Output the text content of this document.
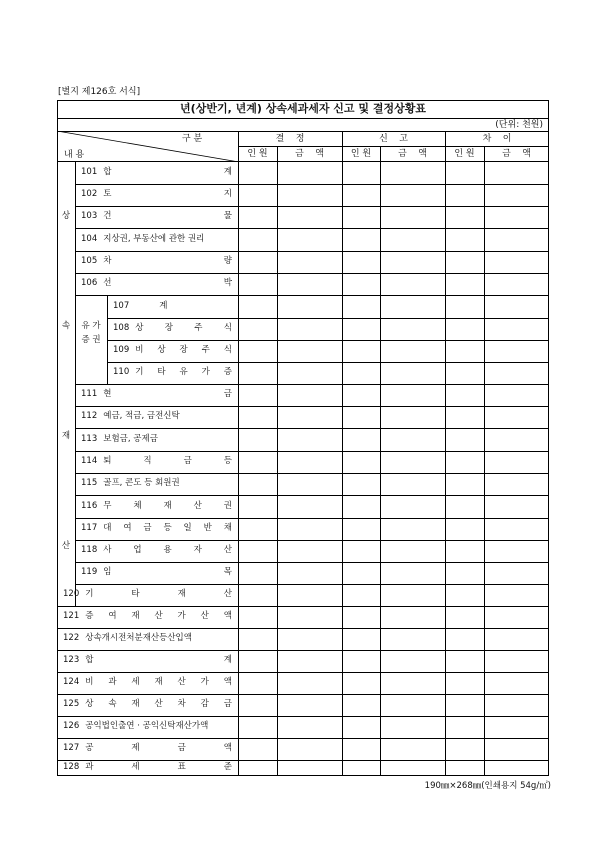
[별지 제126호 서식]
년(상반기, 년계) 상속세과세자 신고 및 결정상황표
(단위: 천원)
구 분
내 용
결    정	신    고	차    이
인 원	금    액	인 원	금    액	인 원	금    액
101 합	계
102 토	지
103 건	물
104 지상권, 부동산에 관한 권리
105 차	량
106 선	박
107	계
108 상	장	주	식
109 비 상 장 주 식
110 기 타 유 가 증
111 현	금
112 예금, 적금, 금전신탁
113 보험금, 공제금
114 퇴	직	금	등
115 골프, 콘도 등 회원권
116 무	체	재	산	권
117 대 여 금 등 일 반 채
118 사	업	용	자	산
119 임	목
120 기	타	재	산
121 증 여 재 산 가 산 액
122 상속개시전처분재산등산입액
123 합	계
124 비 과 세 재 산 가 액
125 상 속 재 산 차 감 금
126 공익법인출연 · 공익신탁재산가액
127 공	제	금	액
128 과	세	표	준
상
속
재
산
유 가
증 권
190㎜×268㎜(인쇄용지 54g/㎡)
